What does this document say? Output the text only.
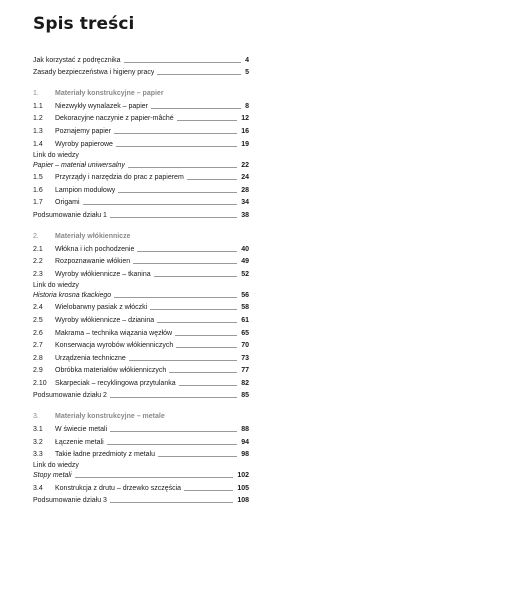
Spis treści
Jak korzystać z podręcznika	4
Zasady bezpieczeństwa i higieny pracy	5
1.	Materiały konstrukcyjne – papier
1.1	Niezwykły wynalazek – papier	8
1.2	Dekoracyjne naczynie z papier-mâché	12
1.3	Poznajemy papier	16
1.4	Wyroby papierowe	19
Link do wiedzy
Papier – materiał uniwersalny	22
1.5	Przyrządy i narzędzia do prac z papierem	24
1.6	Lampion modułowy	28
1.7	Origami	34
Podsumowanie działu 1	38
2.	Materiały włókiennicze
2.1	Włókna i ich pochodzenie	40
2.2	Rozpoznawanie włókien	49
2.3	Wyroby włókiennicze – tkanina	52
Link do wiedzy
Historia krosna tkackiego	56
2.4	Wielobarwny pasiak z włóczki	58
2.5	Wyroby włókiennicze – dzianina	61
2.6	Makrama – technika wiązania węzłów	65
2.7	Konserwacja wyrobów włókienniczych	70
2.8	Urządzenia techniczne	73
2.9	Obróbka materiałów włókienniczych	77
2.10	Skarpeciak – recyklingowa przytulanka	82
Podsumowanie działu 2	85
3.	Materiały konstrukcyjne – metale
3.1	W świecie metali	88
3.2	Łączenie metali	94
3.3	Takie ładne przedmioty z metalu	98
Link do wiedzy
Stopy metali	102
3.4	Konstrukcja z drutu – drzewko szczęścia	105
Podsumowanie działu 3	108
